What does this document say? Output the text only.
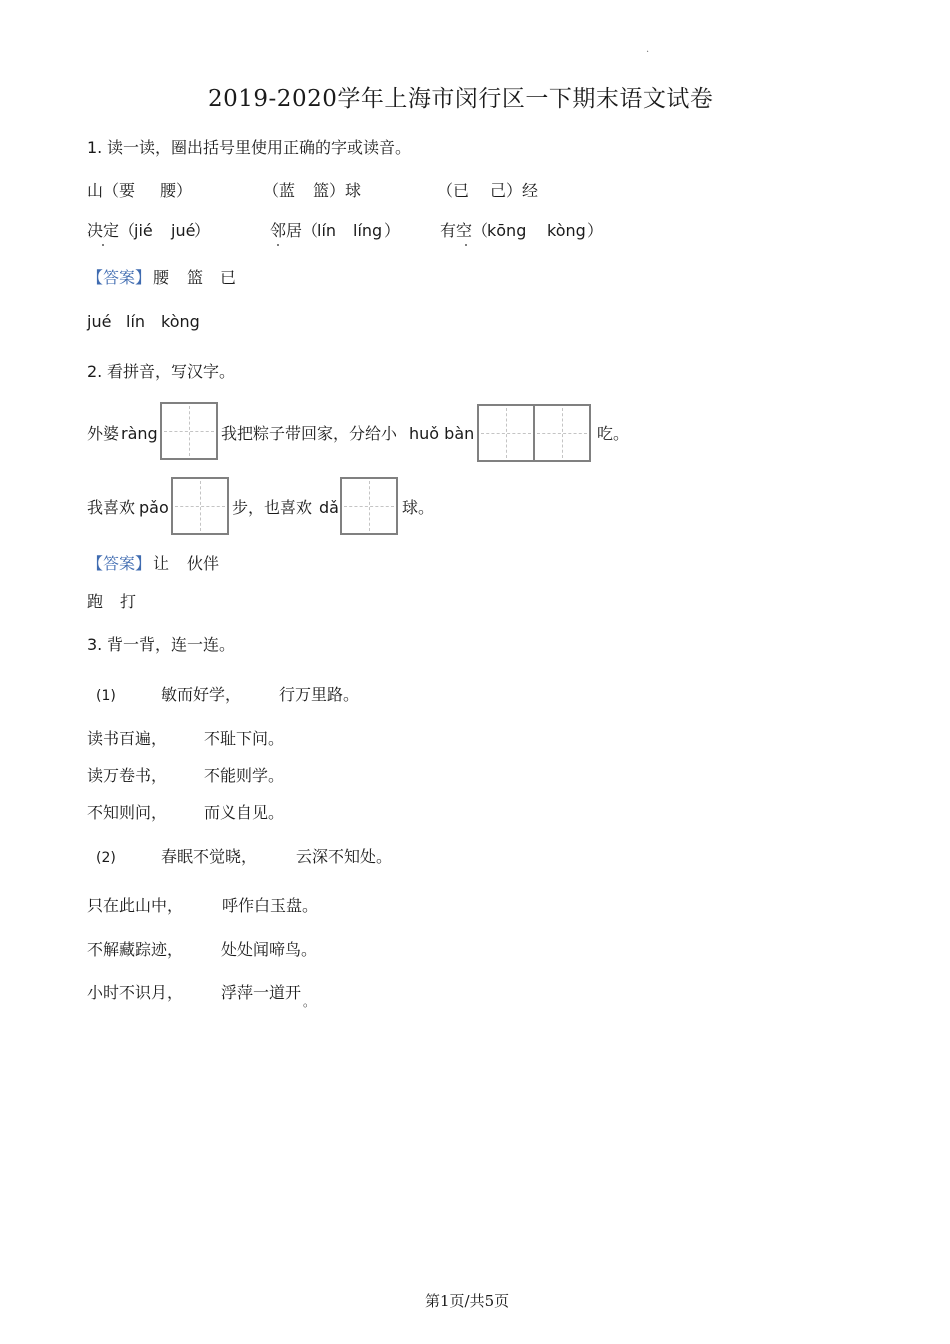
.
2019-2020学年上海市闵行区一下期末语文试卷
1. 读一读，圈出括号里使用正确的字或读音。
山（要 腰）	（蓝 篮）球	（已 己）经
决定 （
jié jué
）	邻居 （
lín líng ） 有空 （
kōng kòng ）
【答案】 腰 篮 已
jué lín kòng
2. 看拼音，写汉字。
外婆 ràng	我把粽子带回家，分给小 huǒ bàn	吃。
我喜欢 pǎo	步，也喜欢 dǎ	球。
【答案】 让 伙伴
跑 打
3. 背一背，连一连。
(1)	敏而好学， 行万里路。
读书百遍， 不耻下问。
读万卷书， 不能则学。
不知则问， 而义自见。
(2)	春眠不觉晓， 云深不知处。
只在此山中， 呼作白玉盘。
不解藏踪迹， 处处闻啼鸟。
小时不识月， 浮萍一道开 。
第1页/共5页
